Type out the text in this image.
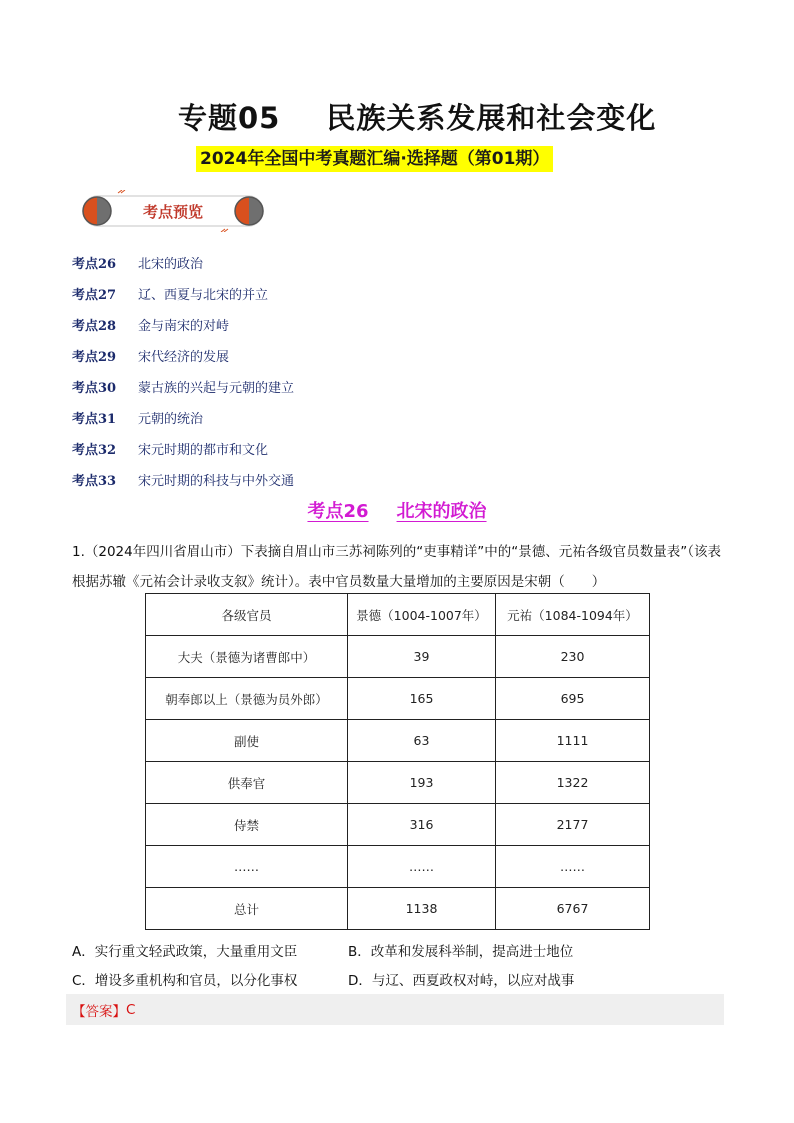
专题05 民族关系发展和社会变化
2024年全国中考真题汇编·选择题（第01期）
考点预览
考点26	北宋的政治
考点27	辽、西夏与北宋的并立
考点28	金与南宋的对峙
考点29	宋代经济的发展
考点30	蒙古族的兴起与元朝的建立
考点31	元朝的统治
考点32	宋元时期的都市和文化
考点33	宋元时期的科技与中外交通
考点26 北宋的政治
1.（2024年四川省眉山市）下表摘自眉山市三苏祠陈列的“吏事精详”中的“景德、元祐各级官员数量表”（该表根据苏辙《元祐会计录收支叙》统计）。表中官员数量大量增加的主要原因是宋朝（　　）
各级官员	景德（1004-1007年）	元祐（1084-1094年）
大夫（景德为诸曹郎中）	39	230
朝奉郎以上（景德为员外郎）	165	695
副使	63	1111
供奉官	193	1322
侍禁	316	2177
……	……	……
总计	1138	6767
A．实行重文轻武政策，大量重用文臣	B．改革和发展科举制，提高进士地位
C．增设多重机构和官员，以分化事权	D．与辽、西夏政权对峙，以应对战事
【答案】 C
